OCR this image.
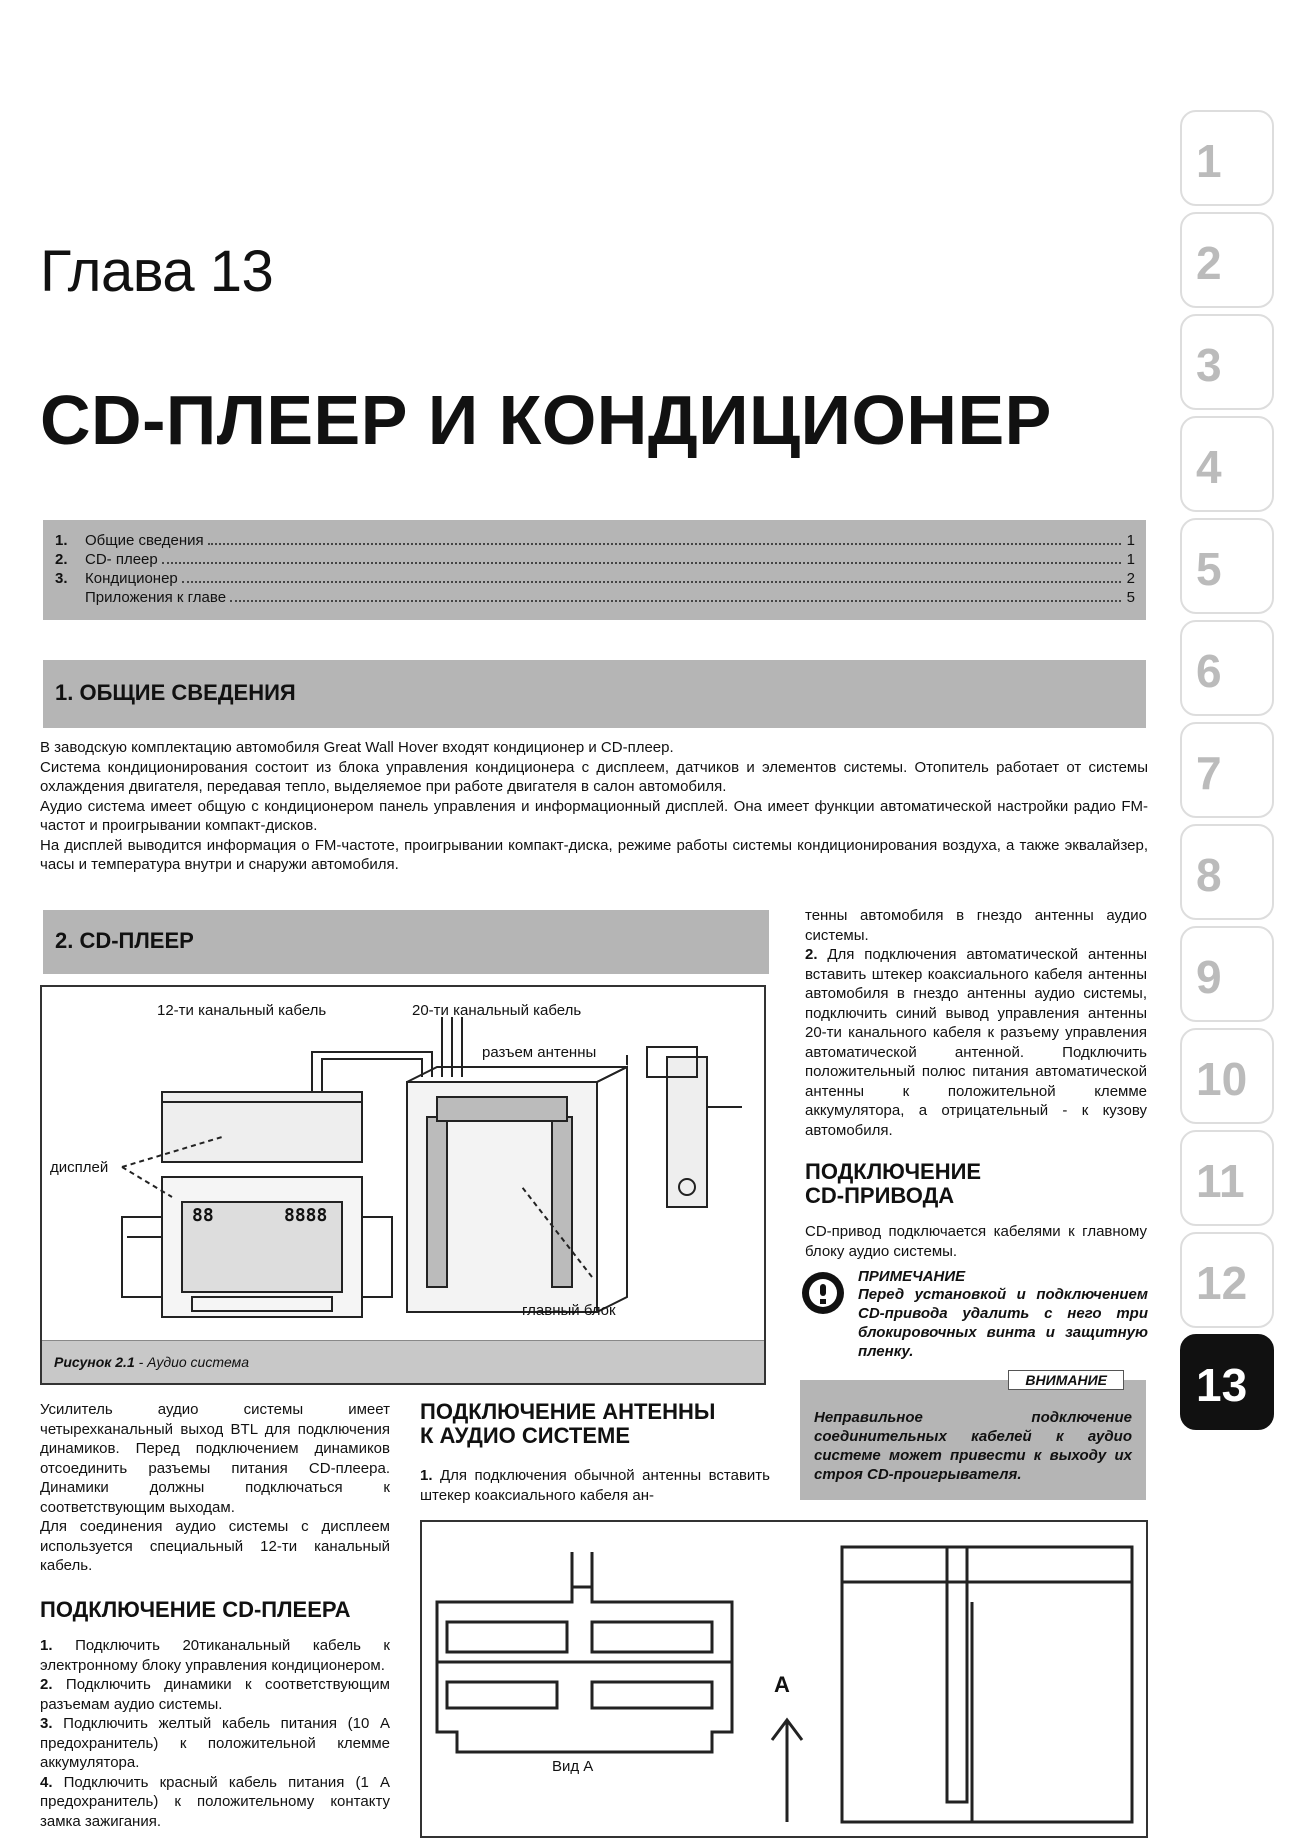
Глава 13
CD-ПЛЕЕР И КОНДИЦИОНЕР
1.	Общие сведения	1
2.	CD- плеер	1
3.	Кондиционер	2
Приложения к главе	5
1. ОБЩИЕ СВЕДЕНИЯ

В заводскую комплектацию автомобиля Great Wall Hover входят кондиционер и CD-плеер.

Система кондиционирования состоит из блока управления кондиционера с дисплеем, датчиков и элементов системы. Отопитель работает от системы охлаждения двигателя, передавая тепло, выделяемое при работе двигателя в салон автомобиля.

Аудио система имеет общую с кондиционером панель управления и информационный дисплей. Она имеет функции автоматической настройки радио FM-частот и проигрывании компакт-дисков.

На дисплей выводится информация о FM-частоте, проигрывании компакт-диска, режиме работы системы кондиционирования воздуха, а также эквалайзер, часы и температура внутри и снаружи автомобиля.

2. CD-ПЛЕЕР
12-ти канальный кабель	20-ти канальный кабель
разъем антенны
дисплей
главный блок
88	8888
Рисунок 2.1 - Аудио система

тенны автомобиля в гнездо антенны аудио системы.

2. Для подключения автоматической антенны вставить штекер коаксиального кабеля антенны автомобиля в гнездо антенны аудио системы, подключить синий вывод управления антенны 20-ти канального кабеля к разъему управления автоматической антенной. Подключить положительный полюс питания автоматической антенны к положительной клемме аккумулятора, а отрицательный - к кузову автомобиля.

ПОДКЛЮЧЕНИЕ
CD-ПРИВОДА
CD-привод подключается кабелями к главному блоку аудио системы.
ПРИМЕЧАНИЕ
Перед установкой и подключением CD-привода удалить с него три блокировочных винта и защитную пленку.
ВНИМАНИЕ
Неправильное подключение соединительных кабелей к аудио системе может привести к выходу их строя CD-проигрывателя.

Усилитель аудио системы имеет четырехканальный выход BTL для подключения динамиков. Перед подключением динамиков отсоединить разъемы питания CD-плеера. Динамики должны подключаться к соответствующим выходам.

Для соединения аудио системы с дисплеем используется специальный 12-ти канальный кабель.

ПОДКЛЮЧЕНИЕ CD-ПЛЕЕРА

1. Подключить 20тиканальный кабель к электронному блоку управления кондиционером.

2. Подключить динамики к соответствующим разъемам аудио системы.

3. Подключить желтый кабель питания (10 А предохранитель) к положительной клемме аккумулятора.

4. Подключить красный кабель питания (1 А предохранитель) к положительному контакту замка зажигания.

ПОДКЛЮЧЕНИЕ АНТЕННЫ
К АУДИО СИСТЕМЕ

1. Для подключения обычной антенны вставить штекер коаксиального кабеля ан-

Вид А
А
1
2
3
4
5
6
7
8
9
10
11
12
13
